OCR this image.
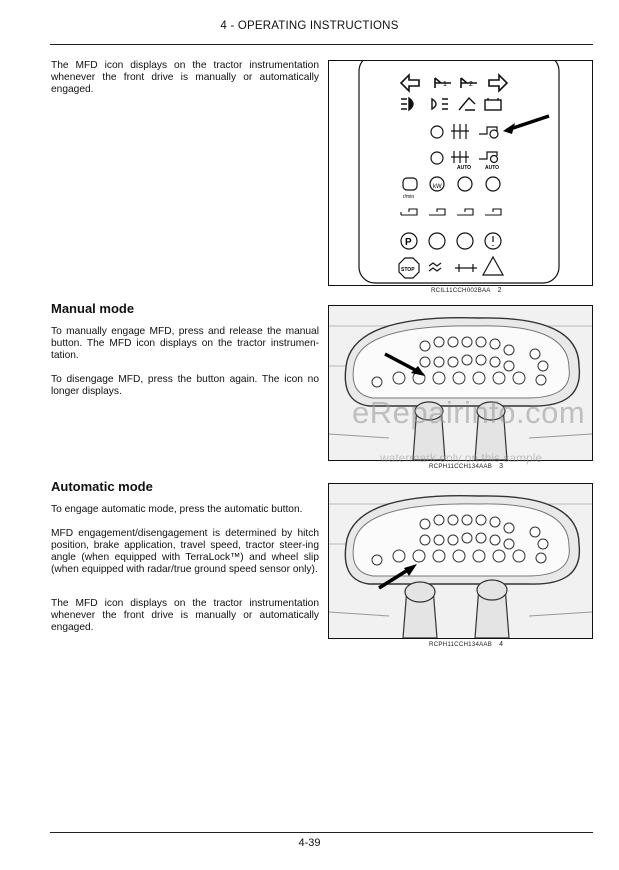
4 - OPERATING INSTRUCTIONS

The MFD icon displays on the tractor instrumentation whenever the front drive is manually or automatically engaged.	1	2
AUTO	AUTO
r/min
kW
P
STOP
RCIL11CCH002BAA 2
Manual mode

To manually engage MFD, press and release the manual button. The MFD icon displays on the tractor instrumen-tation.

To disengage MFD, press the button again. The icon no longer displays.

RCPH11CCH134AAB 3
Automatic mode

To engage automatic mode, press the automatic button.

MFD engagement/disengagement is determined by hitch position, brake application, travel speed, tractor steer-ing angle (when equipped with TerraLock™) and wheel slip (when equipped with radar/true ground speed sensor only).

The MFD icon displays on the tractor instrumentation whenever the front drive is manually or automatically engaged.

RCPH11CCH134AAB 4
eRepairinfo.com
watermark only on this sample
4-39
